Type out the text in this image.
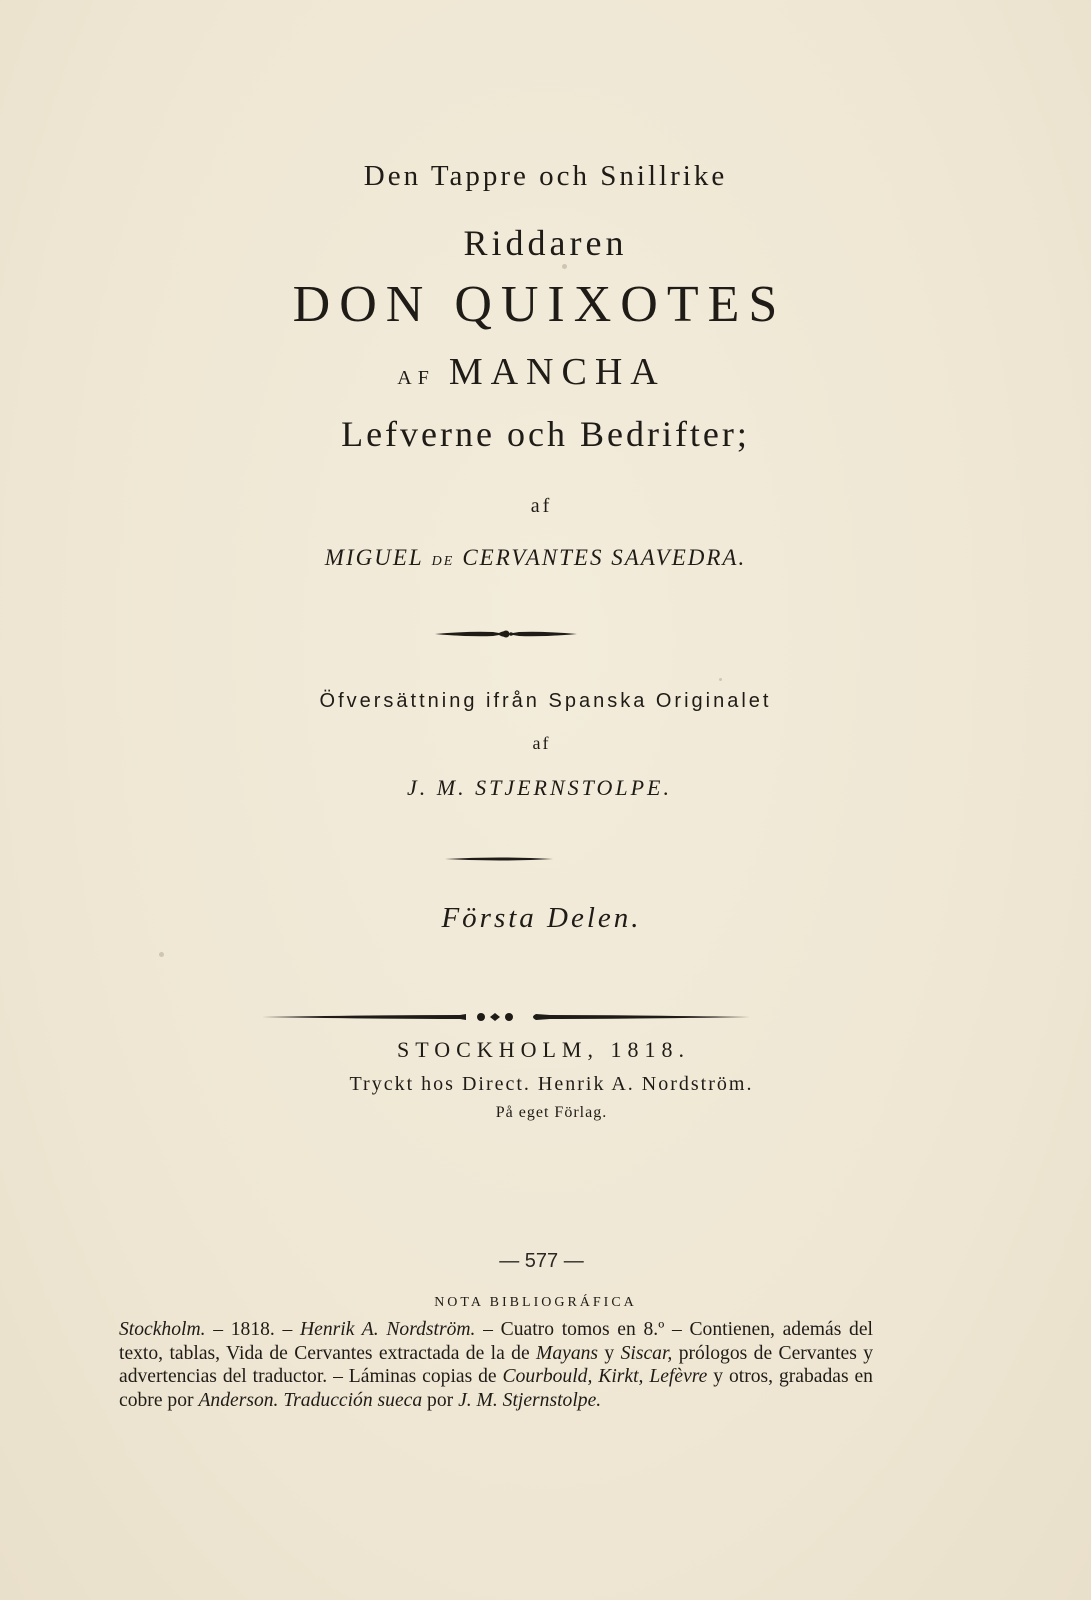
Den Tappre och Snillrike
Riddaren
DON QUIXOTES
AF MANCHA
Lefverne och Bedrifter;
af
MIGUEL DE CERVANTES SAAVEDRA.
Öfversättning ifrån Spanska Originalet
af
J. M. STJERNSTOLPE.
Första Delen.
STOCKHOLM, 1818.
Tryckt hos Direct. Henrik A. Nordström.
På eget Förlag.
— 577 —
NOTA BIBLIOGRÁFICA
Stockholm. – 1818. – Henrik A. Nordström. – Cuatro tomos en 8.º – Contienen, además del texto, tablas, Vida de Cervantes extractada de la de Mayans y Siscar, prólogos de Cervantes y advertencias del traductor. – Láminas copias de Courbould, Kirkt, Lefèvre y otros, grabadas en cobre por Anderson. Traducción sueca por J. M. Stjernstolpe.
